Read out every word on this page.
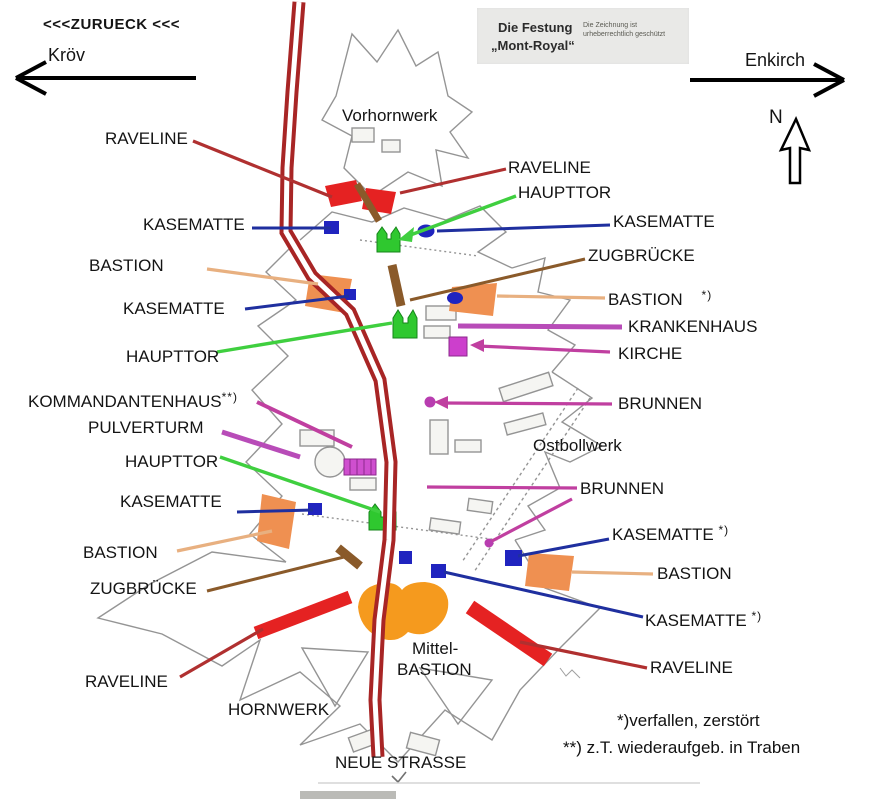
<<<ZURUECK <<<
Kröv	Enkirch
N
Die Festung
„Mont-Royal“
Die Zeichnung ist
urheberrechtlich geschützt
Vorhornwerk
Ostbollwerk
HORNWERK
Mittel-
BASTION
NEUE STRASSE
RAVELINE
KASEMATTE
BASTION
KASEMATTE
HAUPTTOR
KOMMANDANTENHAUS**)
PULVERTURM
HAUPTTOR
KASEMATTE
BASTION
ZUGBRÜCKE
RAVELINE
RAVELINE
HAUPTTOR
KASEMATTE
ZUGBRÜCKE
BASTION *)
KRANKENHAUS
KIRCHE
BRUNNEN
BRUNNEN
KASEMATTE *)
BASTION
KASEMATTE *)
RAVELINE
*)verfallen, zerstört
**) z.T. wiederaufgeb. in Traben
